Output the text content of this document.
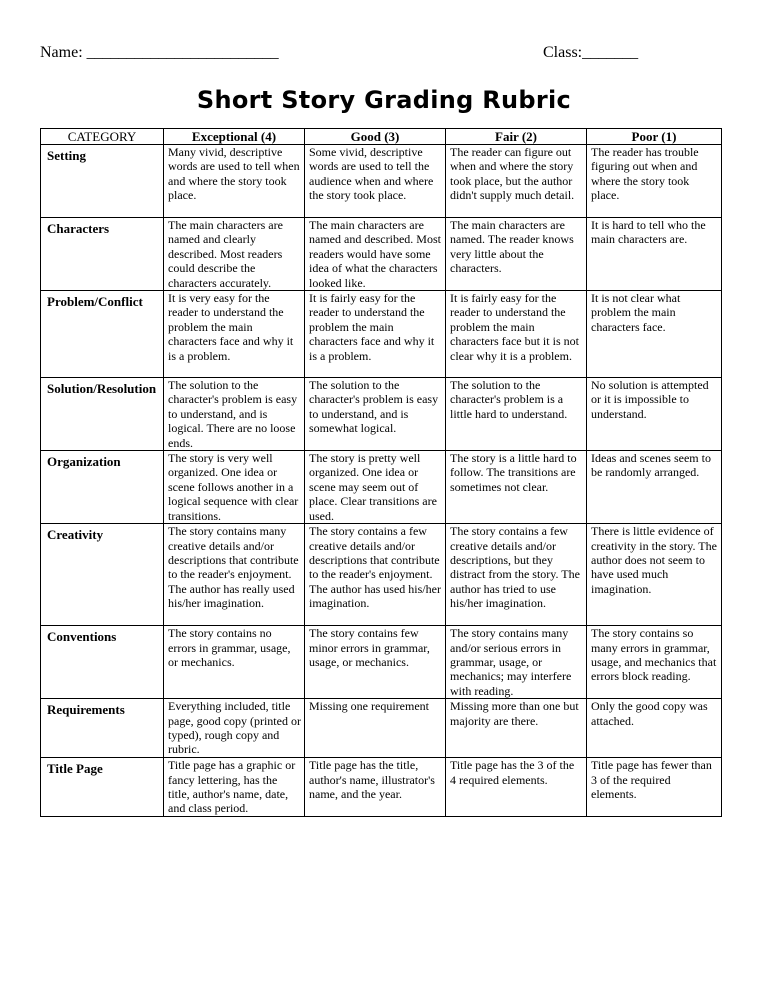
Name: ________________________	Class:_______
Short Story Grading Rubric
CATEGORY	Exceptional (4)	Good (3)	Fair (2)	Poor (1)
Setting	Many vivid, descriptive words are used to tell when and where the story took place.	Some vivid, descriptive words are used to tell the audience when and where the story took place.	The reader can figure out when and where the story took place, but the author didn't supply much detail.	The reader has trouble figuring out when and where the story took place.
Characters	The main characters are named and clearly described. Most readers could describe the characters accurately.	The main characters are named and described. Most readers would have some idea of what the characters looked like.	The main characters are named. The reader knows very little about the characters.	It is hard to tell who the main characters are.
Problem/Conflict	It is very easy for the reader to understand the problem the main characters face and why it is a problem.	It is fairly easy for the reader to understand the problem the main characters face and why it is a problem.	It is fairly easy for the reader to understand the problem the main characters face but it is not clear why it is a problem.	It is not clear what problem the main characters face.
Solution/Resolution	The solution to the character's problem is easy to understand, and is logical. There are no loose ends.	The solution to the character's problem is easy to understand, and is somewhat logical.	The solution to the character's problem is a little hard to understand.	No solution is attempted or it is impossible to understand.
Organization	The story is very well organized. One idea or scene follows another in a logical sequence with clear transitions.	The story is pretty well organized. One idea or scene may seem out of place. Clear transitions are used.	The story is a little hard to follow. The transitions are sometimes not clear.	Ideas and scenes seem to be randomly arranged.
Creativity	The story contains many creative details and/or descriptions that contribute to the reader's enjoyment. The author has really used his/her imagination.	The story contains a few creative details and/or descriptions that contribute to the reader's enjoyment. The author has used his/her imagination.	The story contains a few creative details and/or descriptions, but they distract from the story. The author has tried to use his/her imagination.	There is little evidence of creativity in the story. The author does not seem to have used much imagination.
Conventions	The story contains no errors in grammar, usage, or mechanics.	The story contains few minor errors in grammar, usage, or mechanics.	The story contains many and/or serious errors in grammar, usage, or mechanics; may interfere with reading.	The story contains so many errors in grammar, usage, and mechanics that errors block reading.
Requirements	Everything included, title page, good copy (printed or typed), rough copy and rubric.	Missing one requirement	Missing more than one but majority are there.	Only the good copy was attached.
Title Page	Title page has a graphic or fancy lettering, has the title, author's name, date, and class period.	Title page has the title, author's name, illustrator's name, and the year.	Title page has the 3 of the 4 required elements.	Title page has fewer than 3 of the required elements.
